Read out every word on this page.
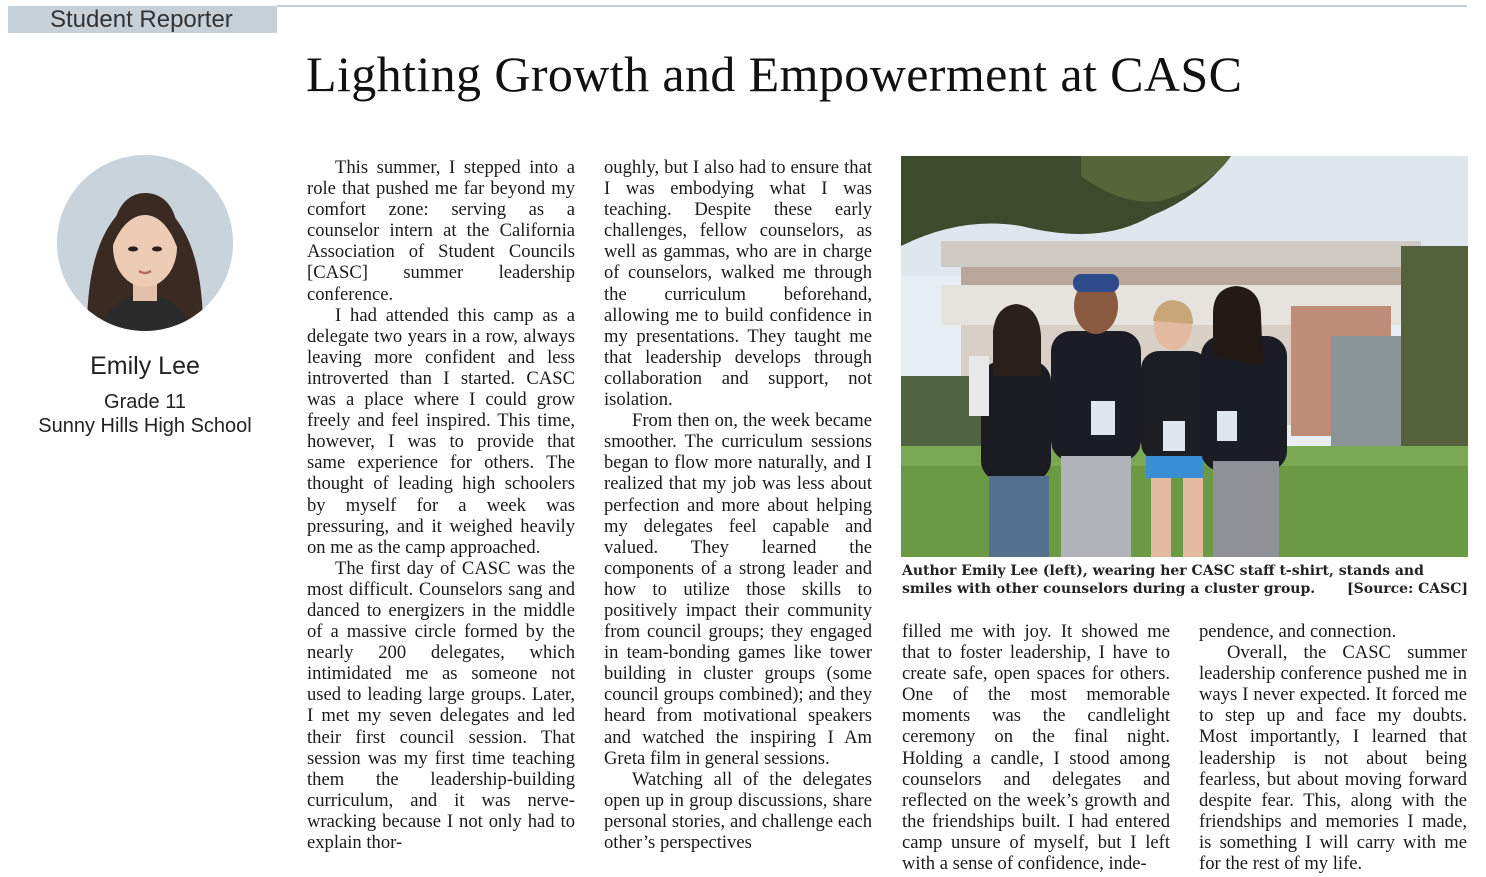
Student Reporter
Lighting Growth and Empowerment at CASC

Emily Lee

Grade 11

Sunny Hills High School

This summer, I stepped into a role that pushed me far beyond my comfort zone: serving as a counselor intern at the California Association of Student Councils [CASC] summer leadership conference.

I had attended this camp as a delegate two years in a row, always leaving more confident and less introverted than I started. CASC was a place where I could grow freely and feel inspired. This time, however, I was to provide that same experience for others. The thought of leading high schoolers by myself for a week was pressuring, and it weighed heavily on me as the camp approached.

The first day of CASC was the most difficult. Counselors sang and danced to energizers in the middle of a massive circle formed by the nearly 200 delegates, which intimidated me as someone not used to leading large groups. Later, I met my seven delegates and led their first council session. That session was my first time teaching them the leadership-building curriculum, and it was nerve-wracking because I not only had to explain thor-

oughly, but I also had to ensure that I was embodying what I was teaching. Despite these early challenges, fellow counselors, as well as gammas, who are in charge of counselors, walked me through the curriculum beforehand, allowing me to build confidence in my presentations. They taught me that leadership develops through collaboration and support, not isolation.

From then on, the week became smoother. The curriculum sessions began to flow more naturally, and I realized that my job was less about perfection and more about helping my delegates feel capable and valued. They learned the components of a strong leader and how to utilize those skills to positively impact their community from council groups; they engaged in team-bonding games like tower building in cluster groups (some council groups combined); and they heard from motivational speakers and watched the inspiring I Am Greta film in general sessions.

Watching all of the delegates open up in group discussions, share personal stories, and challenge each other’s perspectives

Author Emily Lee (left), wearing her CASC staff t-shirt, stands and smiles with other counselors during a cluster group. [Source: CASC]

filled me with joy. It showed me that to foster leadership, I have to create safe, open spaces for others. One of the most memorable moments was the candlelight ceremony on the final night. Holding a candle, I stood among counselors and delegates and reflected on the week’s growth and the friendships built. I had entered camp unsure of myself, but I left with a sense of confidence, inde-

pendence, and connection.

Overall, the CASC summer leadership conference pushed me in ways I never expected. It forced me to step up and face my doubts. Most importantly, I learned that leadership is not about being fearless, but about moving forward despite fear. This, along with the friendships and memories I made, is something I will carry with me for the rest of my life.
